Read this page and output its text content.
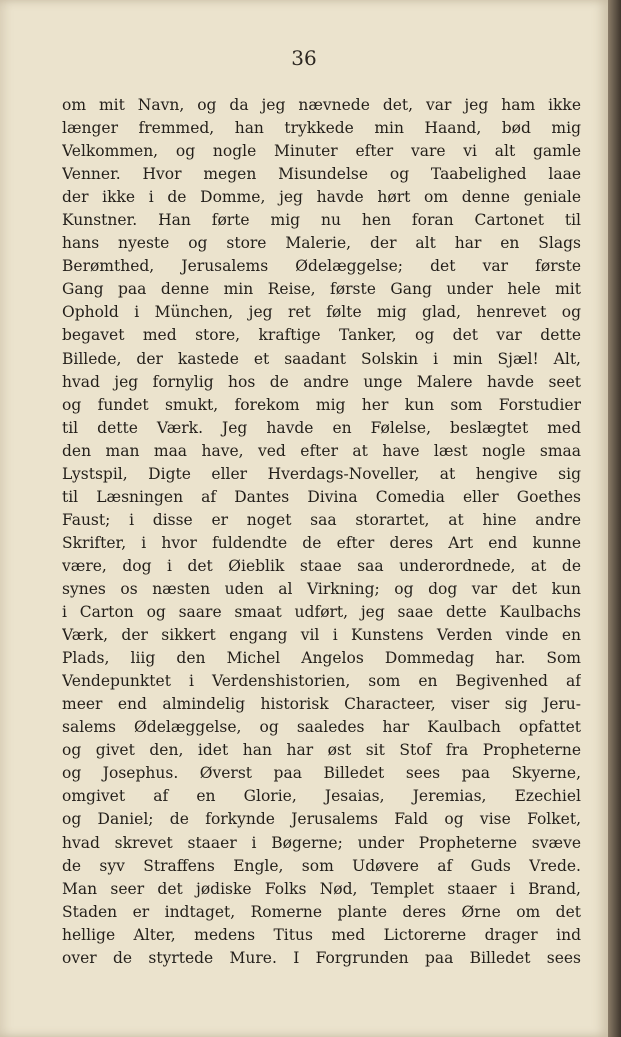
36
om mit Navn, og da jeg nævnede det, var jeg ham ikke
længer fremmed, han trykkede min Haand, bød mig
Velkommen, og nogle Minuter efter vare vi alt gamle
Venner. Hvor megen Misundelse og Taabelighed laae
der ikke i de Domme, jeg havde hørt om denne geniale
Kunstner. Han førte mig nu hen foran Cartonet til
hans nyeste og store Malerie, der alt har en Slags
Berømthed, Jerusalems Ødelæggelse; det var første
Gang paa denne min Reise, første Gang under hele mit
Ophold i München, jeg ret følte mig glad, henrevet og
begavet med store, kraftige Tanker, og det var dette
Billede, der kastede et saadant Solskin i min Sjæl! Alt,
hvad jeg fornylig hos de andre unge Malere havde seet
og fundet smukt, forekom mig her kun som Forstudier
til dette Værk. Jeg havde en Følelse, beslægtet med
den man maa have, ved efter at have læst nogle smaa
Lystspil, Digte eller Hverdags-Noveller, at hengive sig
til Læsningen af Dantes Divina Comedia eller Goethes
Faust; i disse er noget saa storartet, at hine andre
Skrifter, i hvor fuldendte de efter deres Art end kunne
være, dog i det Øieblik staae saa underordnede, at de
synes os næsten uden al Virkning; og dog var det kun
i Carton og saare smaat udført, jeg saae dette Kaulbachs
Værk, der sikkert engang vil i Kunstens Verden vinde en
Plads, liig den Michel Angelos Dommedag har. Som
Vendepunktet i Verdenshistorien, som en Begivenhed af
meer end almindelig historisk Characteer, viser sig Jeru-
salems Ødelæggelse, og saaledes har Kaulbach opfattet
og givet den, idet han har øst sit Stof fra Propheterne
og Josephus. Øverst paa Billedet sees paa Skyerne,
omgivet af en Glorie, Jesaias, Jeremias, Ezechiel
og Daniel; de forkynde Jerusalems Fald og vise Folket,
hvad skrevet staaer i Bøgerne; under Propheterne svæve
de syv Straffens Engle, som Udøvere af Guds Vrede.
Man seer det jødiske Folks Nød, Templet staaer i Brand,
Staden er indtaget, Romerne plante deres Ørne om det
hellige Alter, medens Titus med Lictorerne drager ind
over de styrtede Mure. I Forgrunden paa Billedet sees
